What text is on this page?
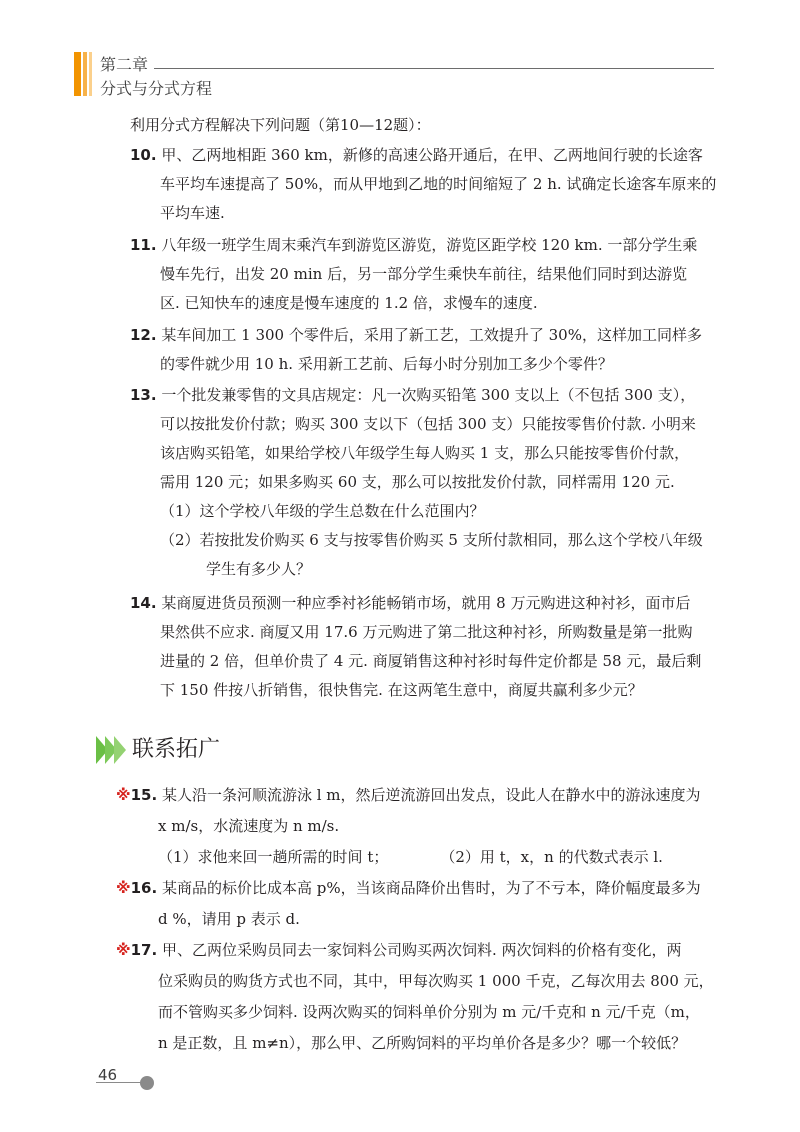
第二章
分式与分式方程
利用分式方程解决下列问题（第10—12题）：
10. 甲、乙两地相距 360 km，新修的高速公路开通后，在甲、乙两地间行驶的长途客
车平均车速提高了 50%，而从甲地到乙地的时间缩短了 2 h. 试确定长途客车原来的
平均车速.
11. 八年级一班学生周末乘汽车到游览区游览，游览区距学校 120 km. 一部分学生乘
慢车先行，出发 20 min 后，另一部分学生乘快车前往，结果他们同时到达游览
区. 已知快车的速度是慢车速度的 1.2 倍，求慢车的速度.
12. 某车间加工 1 300 个零件后，采用了新工艺，工效提升了 30%，这样加工同样多
的零件就少用 10 h. 采用新工艺前、后每小时分别加工多少个零件？
13. 一个批发兼零售的文具店规定：凡一次购买铅笔 300 支以上（不包括 300 支），
可以按批发价付款；购买 300 支以下（包括 300 支）只能按零售价付款. 小明来
该店购买铅笔，如果给学校八年级学生每人购买 1 支，那么只能按零售价付款，
需用 120 元；如果多购买 60 支，那么可以按批发价付款，同样需用 120 元.
（1）这个学校八年级的学生总数在什么范围内？
（2）若按批发价购买 6 支与按零售价购买 5 支所付款相同，那么这个学校八年级
学生有多少人？
14. 某商厦进货员预测一种应季衬衫能畅销市场，就用 8 万元购进这种衬衫，面市后
果然供不应求. 商厦又用 17.6 万元购进了第二批这种衬衫，所购数量是第一批购
进量的 2 倍，但单价贵了 4 元. 商厦销售这种衬衫时每件定价都是 58 元，最后剩
下 150 件按八折销售，很快售完. 在这两笔生意中，商厦共赢利多少元？
联系拓广
※15. 某人沿一条河顺流游泳 l m，然后逆流游回出发点，设此人在静水中的游泳速度为
x m/s，水流速度为 n m/s.
（1）求他来回一趟所需的时间 t；	（2）用 t，x，n 的代数式表示 l.
※16. 某商品的标价比成本高 p%，当该商品降价出售时，为了不亏本，降价幅度最多为
d %，请用 p 表示 d.
※17. 甲、乙两位采购员同去一家饲料公司购买两次饲料. 两次饲料的价格有变化，两
位采购员的购货方式也不同，其中，甲每次购买 1 000 千克，乙每次用去 800 元，
而不管购买多少饲料. 设两次购买的饲料单价分别为 m 元/千克和 n 元/千克（m，
n 是正数，且 m≠n），那么甲、乙所购饲料的平均单价各是多少？哪一个较低？
46
